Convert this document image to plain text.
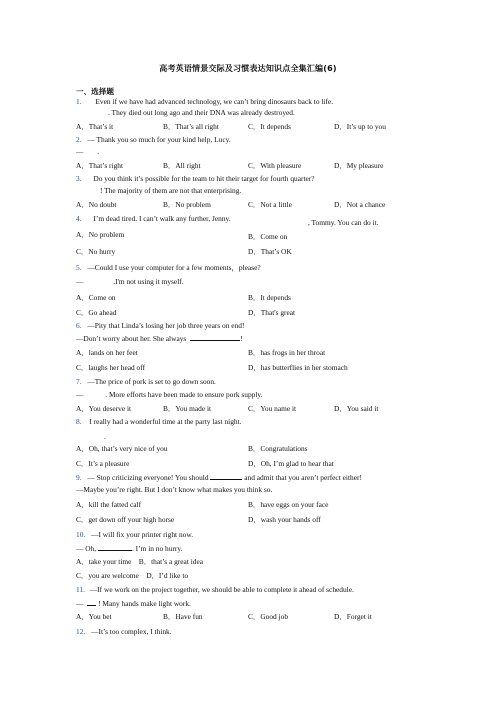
高考英语情景交际及习惯表达知识点全集汇编(6)
一、选择题
1. Even if we have had advanced technology, we can’t bring dinosaurs back to life.
. They died out long ago and their DNA was already destroyed.
A．That’s it	B．That’s all right	C．It depends	D．It’s up to you
2. — Thank you so much for your kind help, Lucy.
— .
A．That’s right	B．All right	C．With pleasure	D．My pleasure
3. Do you think it’s possible for the team to hit their target for fourth quarter?
! The majority of them are not that enterprising.
A．No doubt	B．No problem	C．Not a little	D．Not a chance
4. I’m dead tired. I can’t walk any further, Jenny.	, Tommy. You can do it.
A．No problem	B．Come on
C．No hurry	D．That’s OK
5. —Could I use your computer for a few moments，please?
—	.I'm not using it myself.
A．Come on	B．It depends
C．Go ahead	D．That's great
6. —Pity that Linda’s losing her job three years on end!
—Don’t worry about her. She always	!
A．lands on her feet	B．has frogs in her throat
C．laughs her head off	D．has butterflies in her stomach
7. —The price of pork is set to go down soon.
—	. More efforts have been made to ensure pork supply.
A．You deserve it	B．You made it	C．You name it	D．You said it
8. I really had a wonderful time at the party last night.
.
A．Oh, that’s very nice of you	B．Congratulations
C．It’s a pleasure	D．Oh, I’m glad to hear that
9. — Stop criticizing everyone! You should	and admit that you aren’t perfect either!
—Maybe you’re right. But I don’t know what makes you think so.
A．kill the fatted calf	B．have eggs on your face
C．get down off your high horse	D．wash your hands off
10. —I will fix your printer right now.
— Oh,	. I’m in no hurry.
A．take your time　B．that’s a great idea
C．you are welcome　D．I’d like to
11. —If we work on the project together, we should be able to complete it ahead of schedule.
— ! Many hands make light work.
A．You bet	B．Have fun	C．Good job	D．Forget it
12. —It’s too complex, I think.
